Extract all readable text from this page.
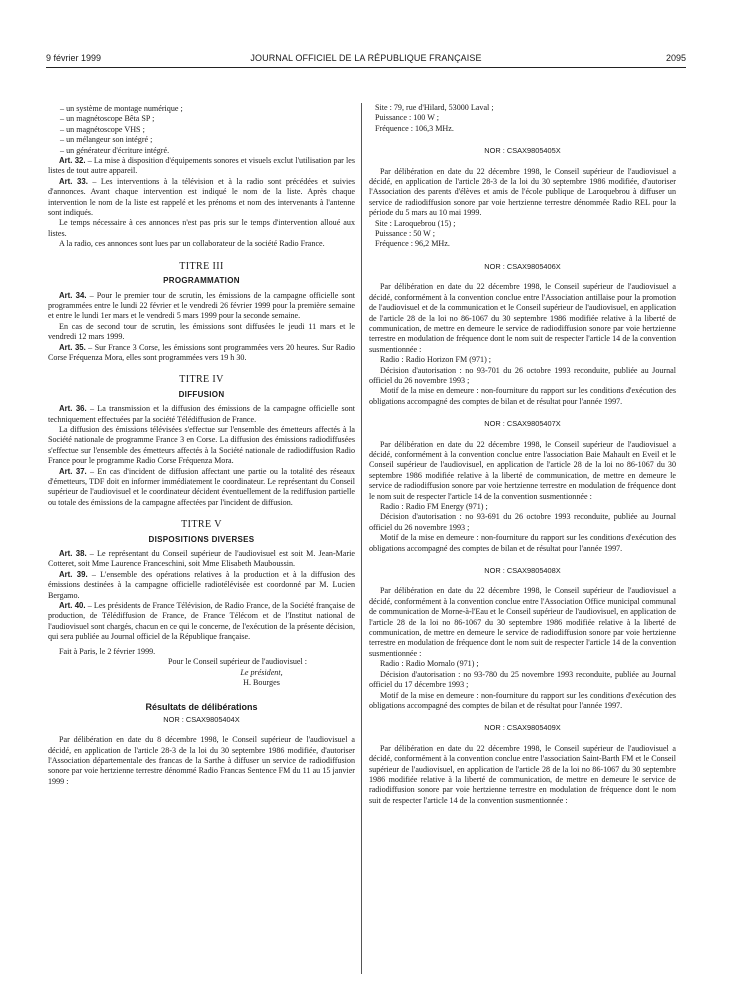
9 février 1999	JOURNAL OFFICIEL DE LA RÉPUBLIQUE FRANÇAISE	2095

– un système de montage numérique ;

– un magnétoscope Bêta SP ;

– un magnétoscope VHS ;

– un mélangeur son intégré ;

– un générateur d'écriture intégré.

Art. 32. – La mise à disposition d'équipements sonores et visuels exclut l'utilisation par les listes de tout autre appareil.

Art. 33. – Les interventions à la télévision et à la radio sont précédées et suivies d'annonces. Avant chaque intervention est indiqué le nom de la liste. Après chaque intervention le nom de la liste est rappelé et les prénoms et nom des intervenants à l'antenne sont indiqués.

Le temps nécessaire à ces annonces n'est pas pris sur le temps d'intervention alloué aux listes.

A la radio, ces annonces sont lues par un collaborateur de la société Radio France.

TITRE III
PROGRAMMATION

Art. 34. – Pour le premier tour de scrutin, les émissions de la campagne officielle sont programmées entre le lundi 22 février et le vendredi 26 février 1999 pour la première semaine et entre le lundi 1er mars et le vendredi 5 mars 1999 pour la seconde semaine.

En cas de second tour de scrutin, les émissions sont diffusées le jeudi 11 mars et le vendredi 12 mars 1999.

Art. 35. – Sur France 3 Corse, les émissions sont programmées vers 20 heures. Sur Radio Corse Fréquenza Mora, elles sont programmées vers 19 h 30.

TITRE IV
DIFFUSION

Art. 36. – La transmission et la diffusion des émissions de la campagne officielle sont techniquement effectuées par la société Télédiffusion de France.

La diffusion des émissions télévisées s'effectue sur l'ensemble des émetteurs affectés à la Société nationale de programme France 3 en Corse. La diffusion des émissions radiodiffusées s'effectue sur l'ensemble des émetteurs affectés à la Société nationale de radiodiffusion Radio France pour le programme Radio Corse Fréquenza Mora.

Art. 37. – En cas d'incident de diffusion affectant une partie ou la totalité des réseaux d'émetteurs, TDF doit en informer immédiatement le coordinateur. Le représentant du Conseil supérieur de l'audiovisuel et le coordinateur décident éventuellement de la rediffusion partielle ou totale des émissions de la campagne affectées par l'incident de diffusion.

TITRE V
DISPOSITIONS DIVERSES

Art. 38. – Le représentant du Conseil supérieur de l'audiovisuel est soit M. Jean-Marie Cotteret, soit Mme Laurence Franceschini, soit Mme Elisabeth Mauboussin.

Art. 39. – L'ensemble des opérations relatives à la production et à la diffusion des émissions destinées à la campagne officielle radiotélévisée est coordonné par M. Lucien Bergamo.

Art. 40. – Les présidents de France Télévision, de Radio France, de la Société française de production, de Télédiffusion de France, de France Télécom et de l'Institut national de l'audiovisuel sont chargés, chacun en ce qui le concerne, de l'exécution de la présente décision, qui sera publiée au Journal officiel de la République française.

Fait à Paris, le 2 février 1999.

Pour le Conseil supérieur de l'audiovisuel :

Le président,

H. Bourges

Résultats de délibérations
NOR : CSAX9805404X

Par délibération en date du 8 décembre 1998, le Conseil supérieur de l'audiovisuel a décidé, en application de l'article 28-3 de la loi du 30 septembre 1986 modifiée, d'autoriser l'Association départementale des francas de la Sarthe à diffuser un service de radiodiffusion sonore par voie hertzienne terrestre dénommé Radio Francas Sentence FM du 11 au 15 janvier 1999 :

Site : 79, rue d'Hilard, 53000 Laval ;

Puissance : 100 W ;

Fréquence : 106,3 MHz.

NOR : CSAX9805405X

Par délibération en date du 22 décembre 1998, le Conseil supérieur de l'audiovisuel a décidé, en application de l'article 28-3 de la loi du 30 septembre 1986 modifiée, d'autoriser l'Association des parents d'élèves et amis de l'école publique de Laroquebrou à diffuser un service de radiodiffusion sonore par voie hertzienne terrestre dénommée Radio REL pour la période du 5 mars au 10 mai 1999.

Site : Laroquebrou (15) ;

Puissance : 50 W ;

Fréquence : 96,2 MHz.

NOR : CSAX9805406X

Par délibération en date du 22 décembre 1998, le Conseil supérieur de l'audiovisuel a décidé, conformément à la convention conclue entre l'Association antillaise pour la promotion de l'audiovisuel et de la communication et le Conseil supérieur de l'audiovisuel, en application de l'article 28 de la loi no 86-1067 du 30 septembre 1986 modifiée relative à la liberté de communication, de mettre en demeure le service de radiodiffusion sonore par voie hertzienne terrestre en modulation de fréquence dont le nom suit de respecter l'article 14 de la convention susmentionnée :

Radio : Radio Horizon FM (971) ;

Décision d'autorisation : no 93-701 du 26 octobre 1993 reconduite, publiée au Journal officiel du 26 novembre 1993 ;

Motif de la mise en demeure : non-fourniture du rapport sur les conditions d'exécution des obligations accompagné des comptes de bilan et de résultat pour l'année 1997.

NOR : CSAX9805407X

Par délibération en date du 22 décembre 1998, le Conseil supérieur de l'audiovisuel a décidé, conformément à la convention conclue entre l'association Baie Mahault en Eveil et le Conseil supérieur de l'audiovisuel, en application de l'article 28 de la loi no 86-1067 du 30 septembre 1986 modifiée relative à la liberté de communication, de mettre en demeure le service de radiodiffusion sonore par voie hertzienne terrestre en modulation de fréquence dont le nom suit de respecter l'article 14 de la convention susmentionnée :

Radio : Radio FM Energy (971) ;

Décision d'autorisation : no 93-691 du 26 octobre 1993 reconduite, publiée au Journal officiel du 26 novembre 1993 ;

Motif de la mise en demeure : non-fourniture du rapport sur les conditions d'exécution des obligations accompagné des comptes de bilan et de résultat pour l'année 1997.

NOR : CSAX9805408X

Par délibération en date du 22 décembre 1998, le Conseil supérieur de l'audiovisuel a décidé, conformément à la convention conclue entre l'Association Office municipal communal de communication de Morne-à-l'Eau et le Conseil supérieur de l'audiovisuel, en application de l'article 28 de la loi no 86-1067 du 30 septembre 1986 modifiée relative à la liberté de communication, de mettre en demeure le service de radiodiffusion sonore par voie hertzienne terrestre en modulation de fréquence dont le nom suit de respecter l'article 14 de la convention susmentionnée :

Radio : Radio Mornalo (971) ;

Décision d'autorisation : no 93-780 du 25 novembre 1993 reconduite, publiée au Journal officiel du 17 décembre 1993 ;

Motif de la mise en demeure : non-fourniture du rapport sur les conditions d'exécution des obligations accompagné des comptes de bilan et de résultat pour l'année 1997.

NOR : CSAX9805409X

Par délibération en date du 22 décembre 1998, le Conseil supérieur de l'audiovisuel a décidé, conformément à la convention conclue entre l'association Saint-Barth FM et le Conseil supérieur de l'audiovisuel, en application de l'article 28 de la loi no 86-1067 du 30 septembre 1986 modifiée relative à la liberté de communication, de mettre en demeure le service de radiodiffusion sonore par voie hertzienne terrestre en modulation de fréquence dont le nom suit de respecter l'article 14 de la convention susmentionnée :
